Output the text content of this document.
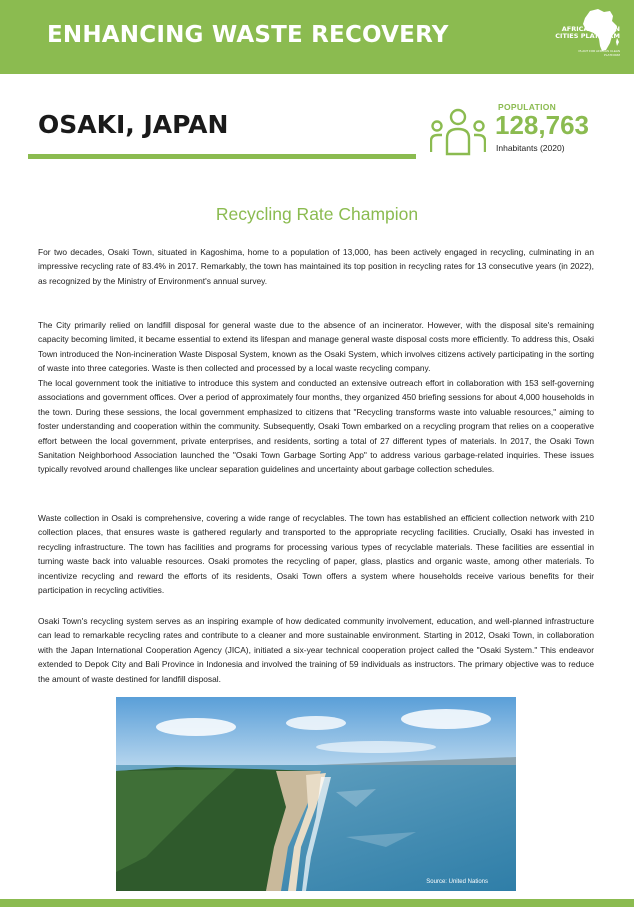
ENHANCING WASTE RECOVERY	AFRICAN CLEAN
CITIES PLATFORM
PLANT FOR AFRICAN CLEAN PLATFORM
OSAKI, JAPAN
POPULATION
128,763
Inhabitants (2020)
Recycling Rate Champion

For two decades, Osaki Town, situated in Kagoshima, home to a population of 13,000, has been actively engaged in recycling, culminating in an impressive recycling rate of 83.4% in 2017. Remarkably, the town has maintained its top position in recycling rates for 13 consecutive years (in 2022), as recognized by the Ministry of Environment's annual survey.

The City primarily relied on landfill disposal for general waste due to the absence of an incinerator. However, with the disposal site's remaining capacity becoming limited, it became essential to extend its lifespan and manage general waste disposal costs more efficiently. To address this, Osaki Town introduced the Non-incineration Waste Disposal System, known as the Osaki System, which involves citizens actively participating in the sorting of waste into three categories. Waste is then collected and processed by a local waste recycling company.

The local government took the initiative to introduce this system and conducted an extensive outreach effort in collaboration with 153 self-governing associations and government offices. Over a period of approximately four months, they organized 450 briefing sessions for about 4,000 households in the town. During these sessions, the local government emphasized to citizens that "Recycling transforms waste into valuable resources," aiming to foster understanding and cooperation within the community. Subsequently, Osaki Town embarked on a recycling program that relies on a cooperative effort between the local government, private enterprises, and residents, sorting a total of 27 different types of materials. In 2017, the Osaki Town Sanitation Neighborhood Association launched the "Osaki Town Garbage Sorting App" to address various garbage-related inquiries. These issues typically revolved around challenges like unclear separation guidelines and uncertainty about garbage collection schedules.

Waste collection in Osaki is comprehensive, covering a wide range of recyclables. The town has established an efficient collection network with 210 collection places, that ensures waste is gathered regularly and transported to the appropriate recycling facilities. Crucially, Osaki has invested in recycling infrastructure. The town has facilities and programs for processing various types of recyclable materials. These facilities are essential in turning waste back into valuable resources. Osaki promotes the recycling of paper, glass, plastics and organic waste, among other materials. To incentivize recycling and reward the efforts of its residents, Osaki Town offers a system where households receive various benefits for their participation in recycling activities.

Osaki Town's recycling system serves as an inspiring example of how dedicated community involvement, education, and well-planned infrastructure can lead to remarkable recycling rates and contribute to a cleaner and more sustainable environment. Starting in 2012, Osaki Town, in collaboration with the Japan International Cooperation Agency (JICA), initiated a six-year technical cooperation project called the "Osaki System." This endeavor extended to Depok City and Bali Province in Indonesia and involved the training of 59 individuals as instructors. The primary objective was to reduce the amount of waste destined for landfill disposal.

Source: United Nations
